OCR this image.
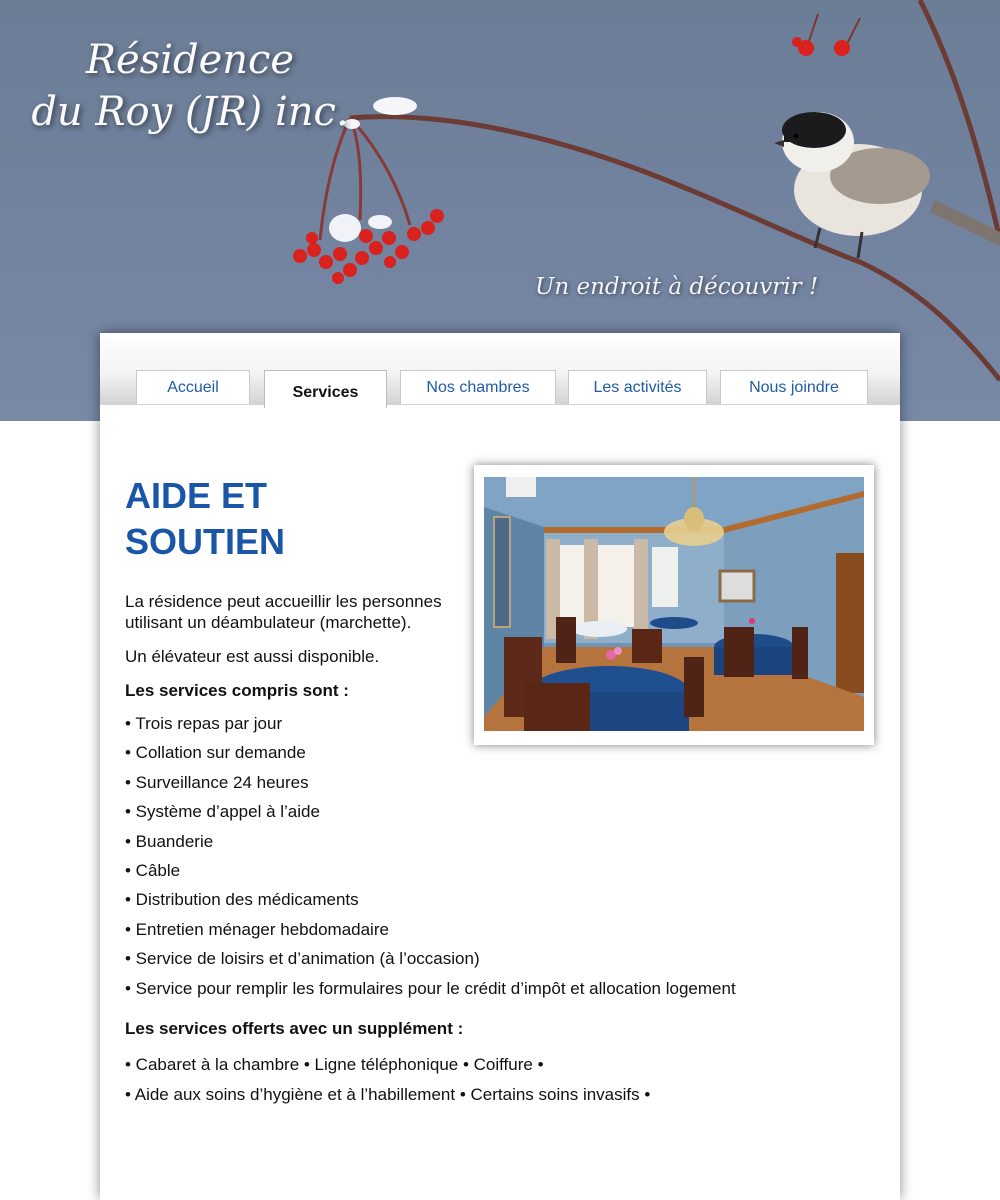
Résidence
du Roy (JR) inc.
Un endroit à découvrir !
Accueil	Services	Nos chambres	Les activités	Nous joindre
AIDE ET
SOUTIEN

La résidence peut accueillir les personnes utilisant un déambulateur (marchette).

Un élévateur est aussi disponible.

Les services compris sont :
• Trois repas par jour
• Collation sur demande
• Surveillance 24 heures
• Système d’appel à l’aide
• Buanderie
• Câble
• Distribution des médicaments
• Entretien ménager hebdomadaire
• Service de loisirs et d’animation (à l’occasion)
• Service pour remplir les formulaires pour le crédit d’impôt et allocation logement
Les services offerts avec un supplément :
• Cabaret à la chambre • Ligne téléphonique • Coiffure •
• Aide aux soins d’hygiène et à l’habillement • Certains soins invasifs •
